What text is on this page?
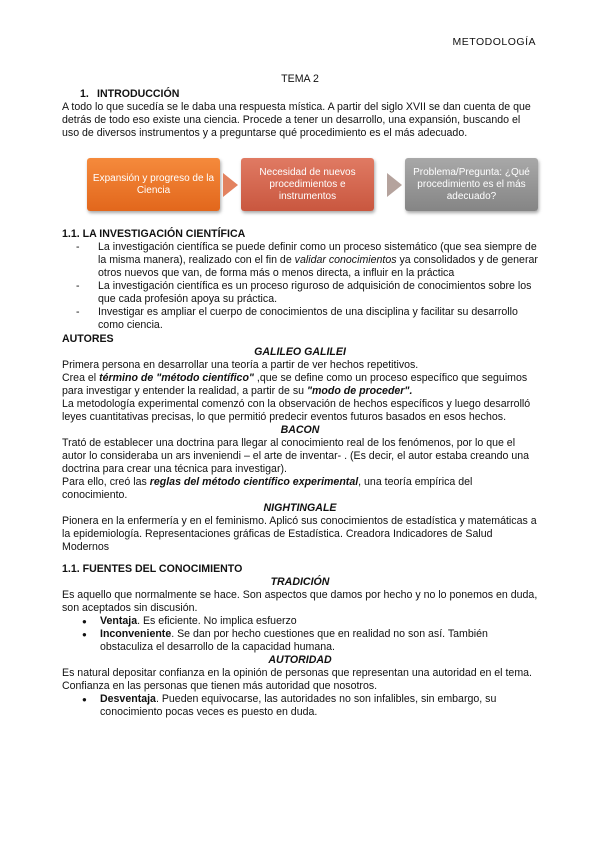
METODOLOGÍA
TEMA 2
1. INTRODUCCIÓN

A todo lo que sucedía se le daba una respuesta mística. A partir del siglo XVII se dan cuenta de que detrás de todo eso existe una ciencia. Procede a tener un desarrollo, una expansión, buscando el uso de diversos instrumentos y a preguntarse qué procedimiento es el más adecuado.

Expansión y progreso de la Ciencia
Necesidad de nuevos procedimientos e instrumentos
Problema/Pregunta: ¿Qué procedimiento es el más adecuado?
1.1. LA INVESTIGACIÓN CIENTÍFICA
- La investigación científica se puede definir como un proceso sistemático (que sea siempre de la misma manera), realizado con el fin de validar conocimientos ya consolidados y de generar otros nuevos que van, de forma más o menos directa, a influir en la práctica
- La investigación científica es un proceso riguroso de adquisición de conocimientos sobre los que cada profesión apoya su práctica.
- Investigar es ampliar el cuerpo de conocimientos de una disciplina y facilitar su desarrollo como ciencia.
AUTORES
GALILEO GALILEI

Primera persona en desarrollar una teoría a partir de ver hechos repetitivos.

Crea el término de "método científico" ,que se define como un proceso específico que seguimos para investigar y entender la realidad, a partir de su "modo de proceder".

La metodología experimental comenzó con la observación de hechos específicos y luego desarrolló leyes cuantitativas precisas, lo que permitió predecir eventos futuros basados en esos hechos.

BACON

Trató de establecer una doctrina para llegar al conocimiento real de los fenómenos, por lo que el autor lo consideraba un ars inveniendi – el arte de inventar- . (Es decir, el autor estaba creando una doctrina para crear una técnica para investigar).

Para ello, creó las reglas del método científico experimental, una teoría empírica del conocimiento.

NIGHTINGALE

Pionera en la enfermería y en el feminismo. Aplicó sus conocimientos de estadística y matemáticas a la epidemiología. Representaciones gráficas de Estadística. Creadora Indicadores de Salud Modernos

1.1. FUENTES DEL CONOCIMIENTO
TRADICIÓN

Es aquello que normalmente se hace. Son aspectos que damos por hecho y no lo ponemos en duda, son aceptados sin discusión.

● Ventaja. Es eficiente. No implica esfuerzo
● Inconveniente. Se dan por hecho cuestiones que en realidad no son así. También obstaculiza el desarrollo de la capacidad humana.
AUTORIDAD

Es natural depositar confianza en la opinión de personas que representan una autoridad en el tema. Confianza en las personas que tienen más autoridad que nosotros.

● Desventaja. Pueden equivocarse, las autoridades no son infalibles, sin embargo, su conocimiento pocas veces es puesto en duda.
